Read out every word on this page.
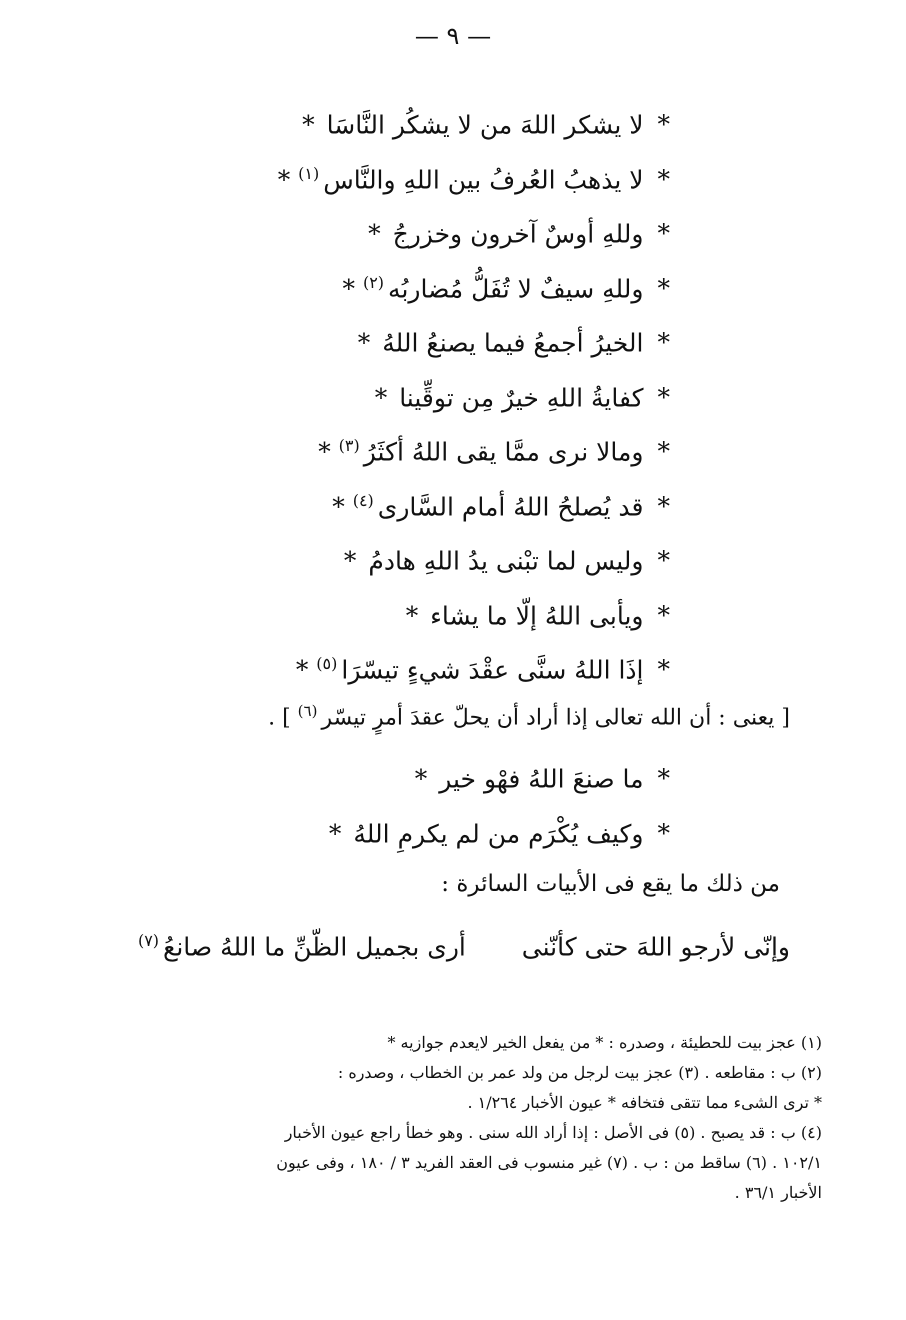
— ٩ —
*لا يشكر اللهَ من لا يشكُر النَّاسَا *
*لا يذهبُ العُرفُ بين اللهِ والنَّاس$^{(١)}$ *
*وللهِ أوسٌ آخرون وخزرجُ *
*وللهِ سيفٌ لا تُفَلُّ مُضاربُه$^{(٢)}$ *
*الخيرُ أجمعُ فيما يصنعُ اللهُ *
*كفايةُ اللهِ خيرٌ مِن توقِّينا *
*ومالا نرى ممَّا يقى اللهُ أكثَرُ$^{(٣)}$ *
*قد يُصلحُ اللهُ أمام السَّارى$^{(٤)}$ *
*وليس لما تبْنى يدُ اللهِ هادمُ *
*ويأبى اللهُ إلّا ما يشاء *
*إذَا اللهُ سنَّى عقْدَ شيءٍ تيسّرَا$^{(٥)}$ *
[ يعنى : أن الله تعالى إذا أراد أن يحلّ عقدَ أمرٍ تيسّر$^{(٦)}$ ] .
*ما صنعَ اللهُ فهْو خير *
*وكيف يُكْرَم من لم يكرمِ اللهُ *
من ذلك ما يقع فى الأبيات السائرة :
وإنّى لأرجو اللهَ حتى كأنّنى  أرى بجميل الظّنِّ ما اللهُ صانعُ$^{(٧)}$
(١) عجز بيت للحطيئة ، وصدره : * من يفعل الخير لايعدم جوازيه *
(٢) ب : مقاطعه . (٣) عجز بيت لرجل من ولد عمر بن الخطاب ، وصدره :
* ترى الشىء مما تتقى فتخافه * عيون الأخبار ١/٢٦٤ .
(٤) ب : قد يصبح . (٥) فى الأصل : إذا أراد الله سنى . وهو خطأ راجع عيون الأخبار
١٠٢/١ . (٦) ساقط من : ب . (٧) غير منسوب فى العقد الفريد ٣ / ١٨٠ ، وفى عيون
الأخبار ٣٦/١ .
